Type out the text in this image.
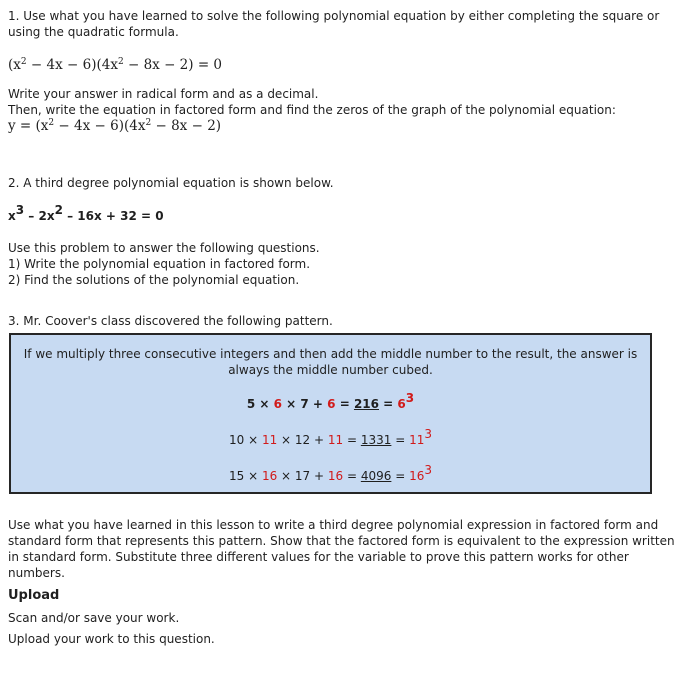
1. Use what you have learned to solve the following polynomial equation by either completing the square or
using the quadratic formula.
$(x^2 - 4x - 6)(4x^2 - 8x - 2) = 0$
Write your answer in radical form and as a decimal.
Then, write the equation in factored form and find the zeros of the graph of the polynomial equation:
$y = (x^2 - 4x - 6)(4x^2 - 8x - 2)$
2. A third degree polynomial equation is shown below.
$x^3 - 2x^2 - 16x + 32 = 0$
Use this problem to answer the following questions.
1) Write the polynomial equation in factored form.
2) Find the solutions of the polynomial equation.
3. Mr. Coover's class discovered the following pattern.
If we multiply three consecutive integers and then add the middle number to the result, the answer is
always the middle number cubed.
$5 \times 6 \times 7 + 6 = 216 = 6^3$
$10 \times 11 \times 12 + 11 = 1331 = 11^3$
$15 \times 16 \times 17 + 16 = 4096 = 16^3$
Use what you have learned in this lesson to write a third degree polynomial expression in factored form and
standard form that represents this pattern. Show that the factored form is equivalent to the expression written
in standard form. Substitute three different values for the variable to prove this pattern works for other
numbers.
Upload
Scan and/or save your work.
Upload your work to this question.
